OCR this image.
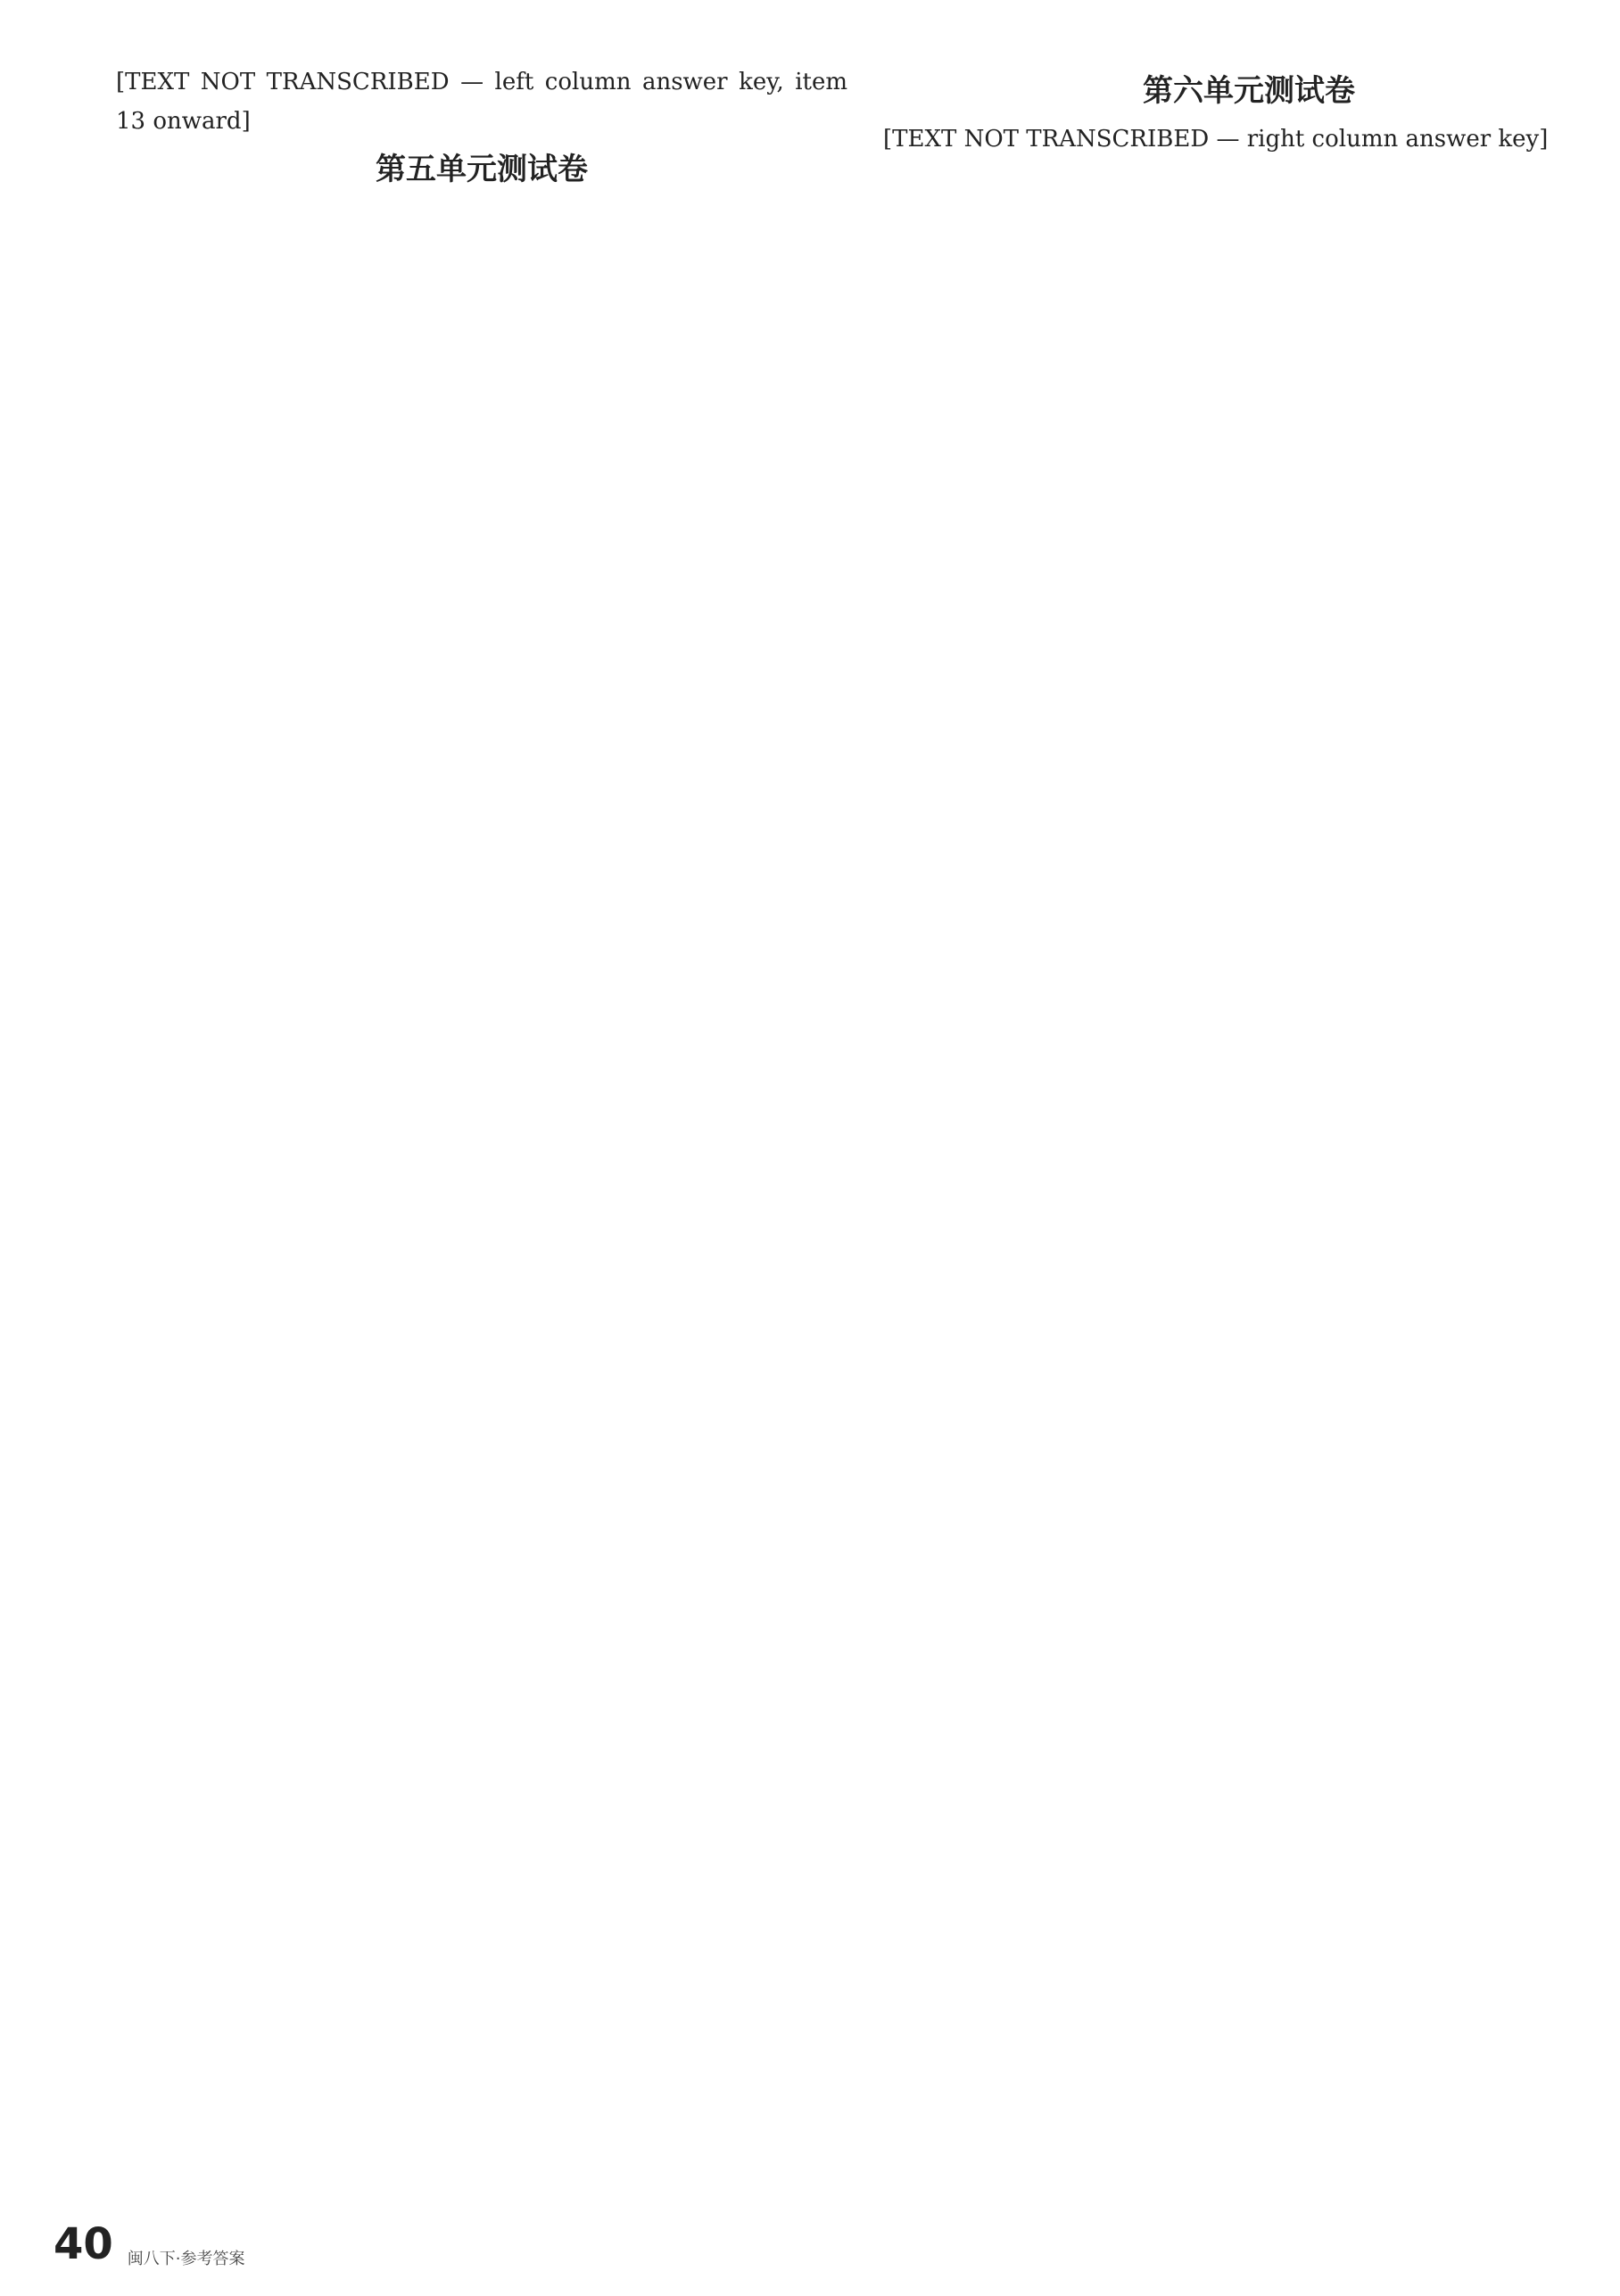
[TEXT NOT TRANSCRIBED — left column answer key, item 13 onward]

第五单元测试卷
第六单元测试卷

[TEXT NOT TRANSCRIBED — right column answer key]

40 闽八下·参考答案
